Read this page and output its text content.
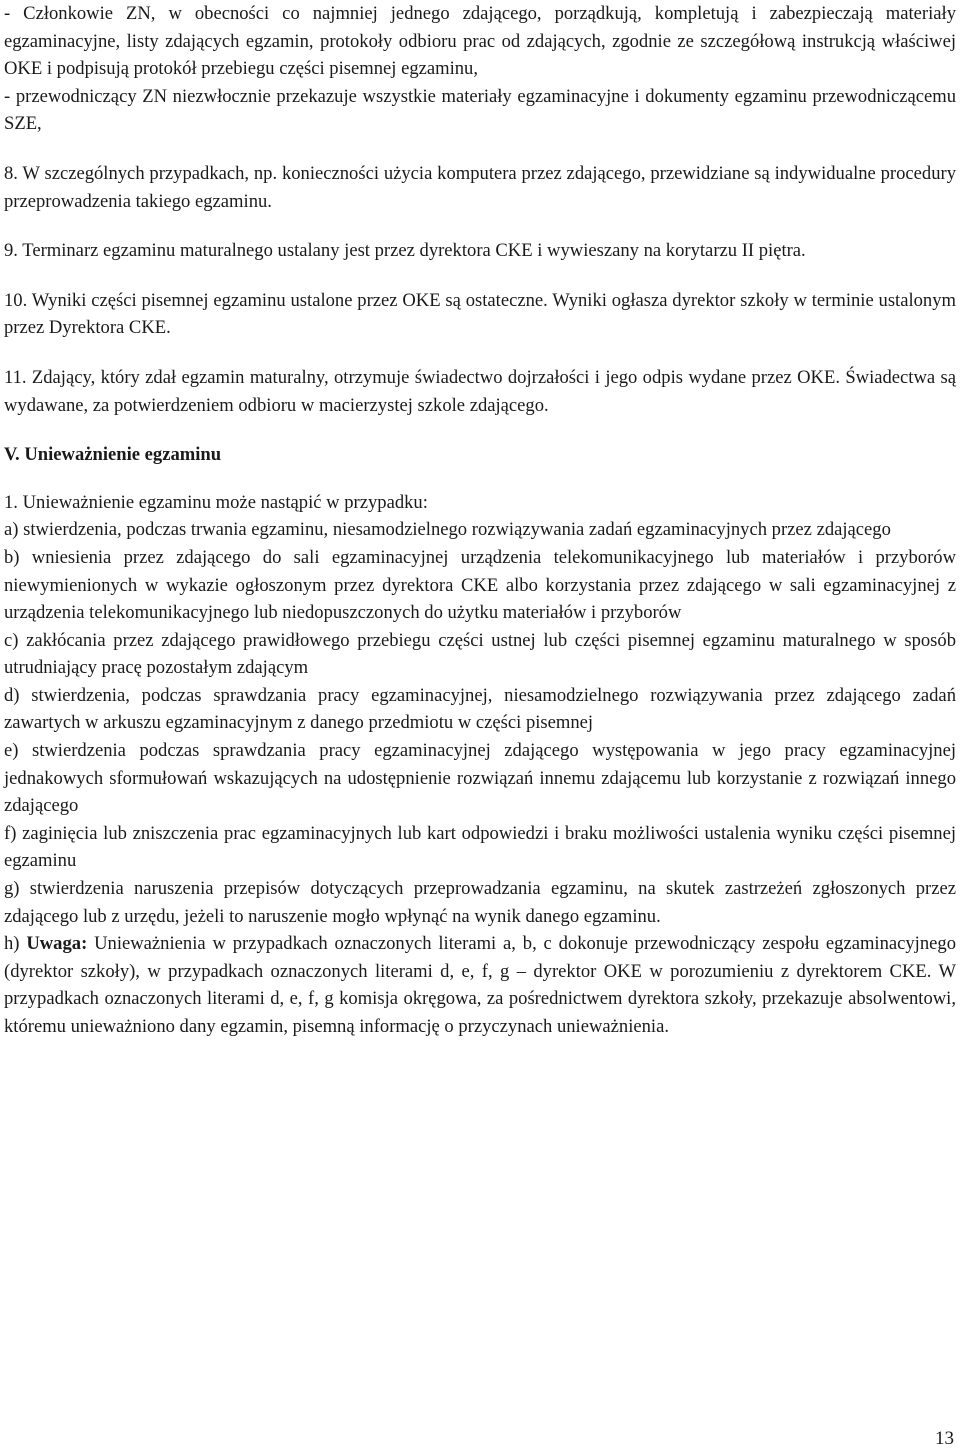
- Członkowie ZN, w obecności co najmniej jednego zdającego, porządkują, kompletują i zabezpieczają materiały egzaminacyjne, listy zdających egzamin, protokoły odbioru prac od zdających, zgodnie ze szczegółową instrukcją właściwej OKE i podpisują protokół przebiegu części pisemnej egzaminu,

- przewodniczący ZN niezwłocznie przekazuje wszystkie materiały egzaminacyjne i dokumenty egzaminu przewodniczącemu SZE,

8. W szczególnych przypadkach, np. konieczności użycia komputera przez zdającego, przewidziane są indywidualne procedury przeprowadzenia takiego egzaminu.

9. Terminarz egzaminu maturalnego ustalany jest przez dyrektora CKE i wywieszany na korytarzu II piętra.

10. Wyniki części pisemnej egzaminu ustalone przez OKE są ostateczne. Wyniki ogłasza dyrektor szkoły w terminie ustalonym przez Dyrektora CKE.

11. Zdający, który zdał egzamin maturalny, otrzymuje świadectwo dojrzałości i jego odpis wydane przez OKE. Świadectwa są wydawane, za potwierdzeniem odbioru w macierzystej szkole zdającego.

V. Unieważnienie egzaminu

1. Unieważnienie egzaminu może nastąpić w przypadku:

a) stwierdzenia, podczas trwania egzaminu, niesamodzielnego rozwiązywania zadań egzaminacyjnych przez zdającego

b) wniesienia przez zdającego do sali egzaminacyjnej urządzenia telekomunikacyjnego lub materiałów i przyborów niewymienionych w wykazie ogłoszonym przez dyrektora CKE albo korzystania przez zdającego w sali egzaminacyjnej z urządzenia telekomunikacyjnego lub niedopuszczonych do użytku materiałów i przyborów

c) zakłócania przez zdającego prawidłowego przebiegu części ustnej lub części pisemnej egzaminu maturalnego w sposób utrudniający pracę pozostałym zdającym

d) stwierdzenia, podczas sprawdzania pracy egzaminacyjnej, niesamodzielnego rozwiązywania przez zdającego zadań zawartych w arkuszu egzaminacyjnym z danego przedmiotu w części pisemnej

e) stwierdzenia podczas sprawdzania pracy egzaminacyjnej zdającego występowania w jego pracy egzaminacyjnej jednakowych sformułowań wskazujących na udostępnienie rozwiązań innemu zdającemu lub korzystanie z rozwiązań innego zdającego

f) zaginięcia lub zniszczenia prac egzaminacyjnych lub kart odpowiedzi i braku możliwości ustalenia wyniku części pisemnej egzaminu

g) stwierdzenia naruszenia przepisów dotyczących przeprowadzania egzaminu, na skutek zastrzeżeń zgłoszonych przez zdającego lub z urzędu, jeżeli to naruszenie mogło wpłynąć na wynik danego egzaminu.

h) Uwaga: Unieważnienia w przypadkach oznaczonych literami a, b, c dokonuje przewodniczący zespołu egzaminacyjnego (dyrektor szkoły), w przypadkach oznaczonych literami d, e, f, g – dyrektor OKE w porozumieniu z dyrektorem CKE. W przypadkach oznaczonych literami d, e, f, g komisja okręgowa, za pośrednictwem dyrektora szkoły, przekazuje absolwentowi, któremu unieważniono dany egzamin, pisemną informację o przyczynach unieważnienia.

13
